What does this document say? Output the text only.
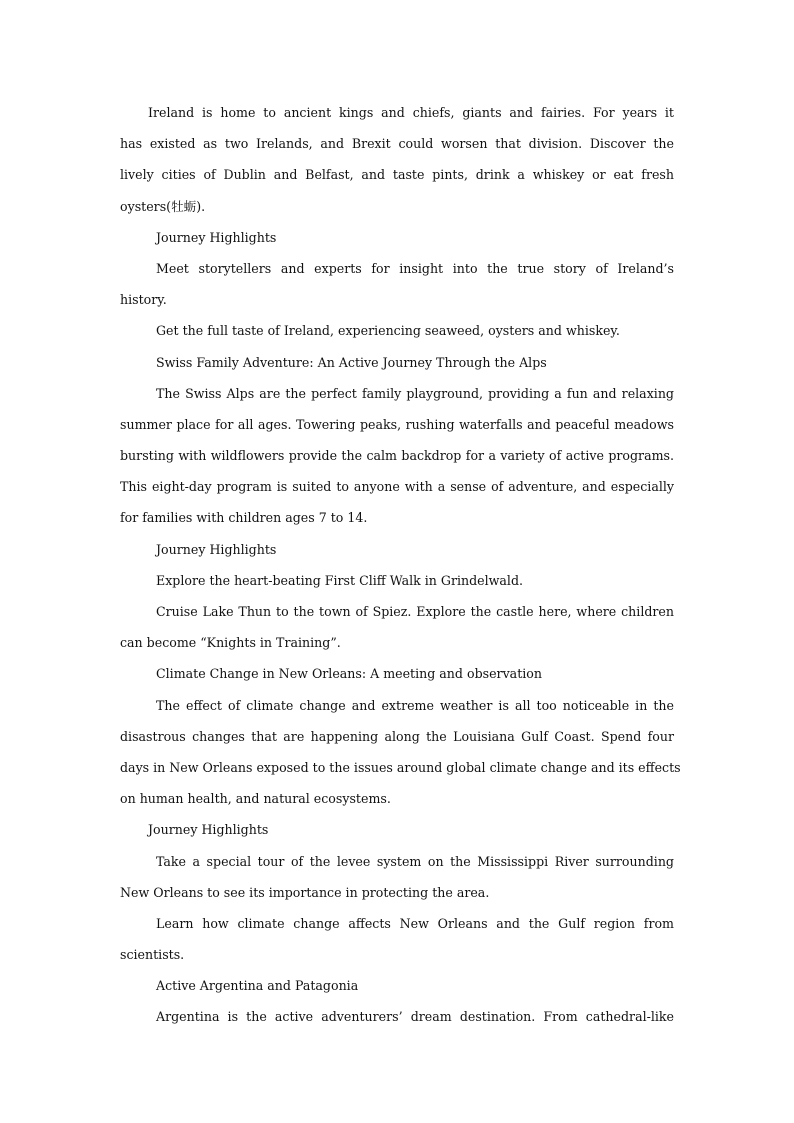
Ireland is home to ancient kings and chiefs, giants and fairies. For years it
has existed as two Irelands, and Brexit could worsen that division. Discover the
lively cities of Dublin and Belfast, and taste pints, drink a whiskey or eat fresh
oysters(牡蛎).
Journey Highlights
Meet storytellers and experts for insight into the true story of Ireland’s
history.
Get the full taste of Ireland, experiencing seaweed, oysters and whiskey.
Swiss Family Adventure: An Active Journey Through the Alps
The Swiss Alps are the perfect family playground, providing a fun and relaxing
summer place for all ages. Towering peaks, rushing waterfalls and peaceful meadows
bursting with wildflowers provide the calm backdrop for a variety of active programs.
This eight-day program is suited to anyone with a sense of adventure, and especially
for families with children ages 7 to 14.
Journey Highlights
Explore the heart-beating First Cliff Walk in Grindelwald.
Cruise Lake Thun to the town of Spiez. Explore the castle here, where children
can become “Knights in Training”.
Climate Change in New Orleans: A meeting and observation
The effect of climate change and extreme weather is all too noticeable in the
disastrous changes that are happening along the Louisiana Gulf Coast. Spend four
days in New Orleans exposed to the issues around global climate change and its effects
on human health, and natural ecosystems.
Journey Highlights
Take a special tour of the levee system on the Mississippi River surrounding
New Orleans to see its importance in protecting the area.
Learn how climate change affects New Orleans and the Gulf region from
scientists.
Active Argentina and Patagonia
Argentina is the active adventurers’ dream destination. From cathedral-like
